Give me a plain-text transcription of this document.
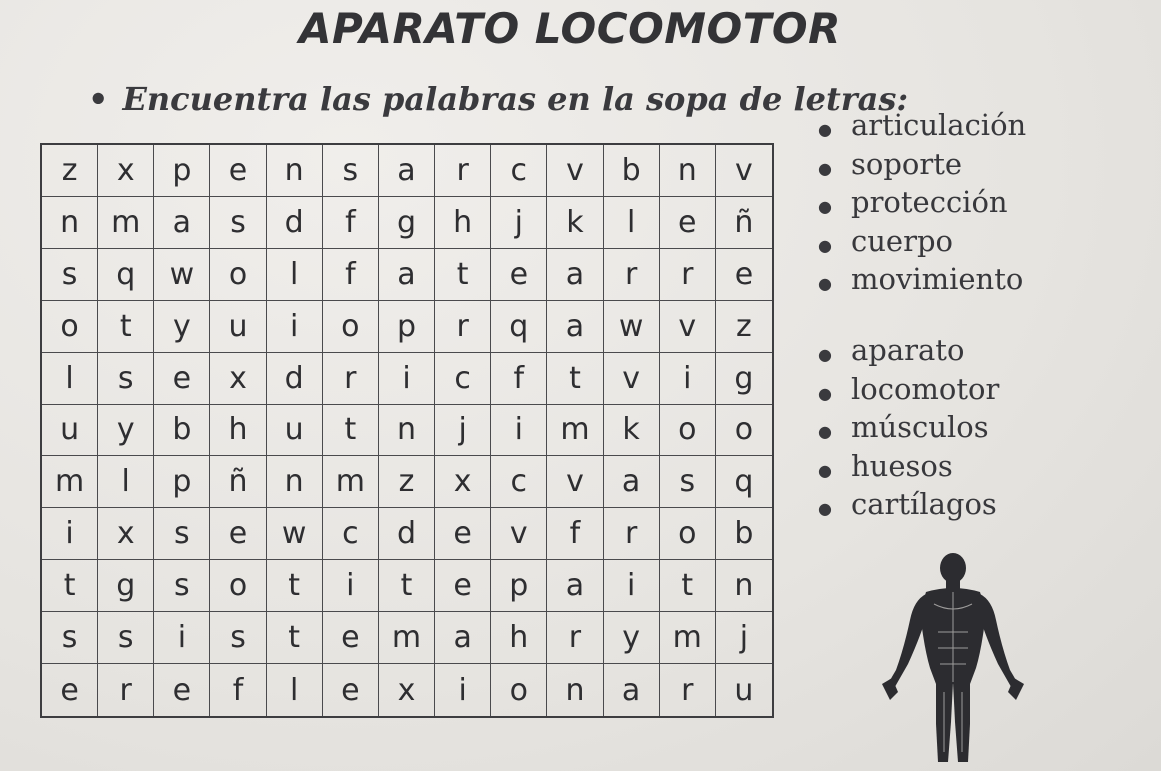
APARATO LOCOMOTOR
• Encuentra las palabras en la sopa de letras:
z	x	p	e	n	s	a	r	c	v	b	n	v
n	m	a	s	d	f	g	h	j	k	l	e	ñ
s	q	w	o	l	f	a	t	e	a	r	r	e
o	t	y	u	i	o	p	r	q	a	w	v	z
l	s	e	x	d	r	i	c	f	t	v	i	g
u	y	b	h	u	t	n	j	i	m	k	o	o
m	l	p	ñ	n	m	z	x	c	v	a	s	q
i	x	s	e	w	c	d	e	v	f	r	o	b
t	g	s	o	t	i	t	e	p	a	i	t	n
s	s	i	s	t	e	m	a	h	r	y	m	j
e	r	e	f	l	e	x	i	o	n	a	r	u
● articulación
● soporte
● protección
● cuerpo
● movimiento
● aparato
● locomotor
● músculos
● huesos
● cartílagos
